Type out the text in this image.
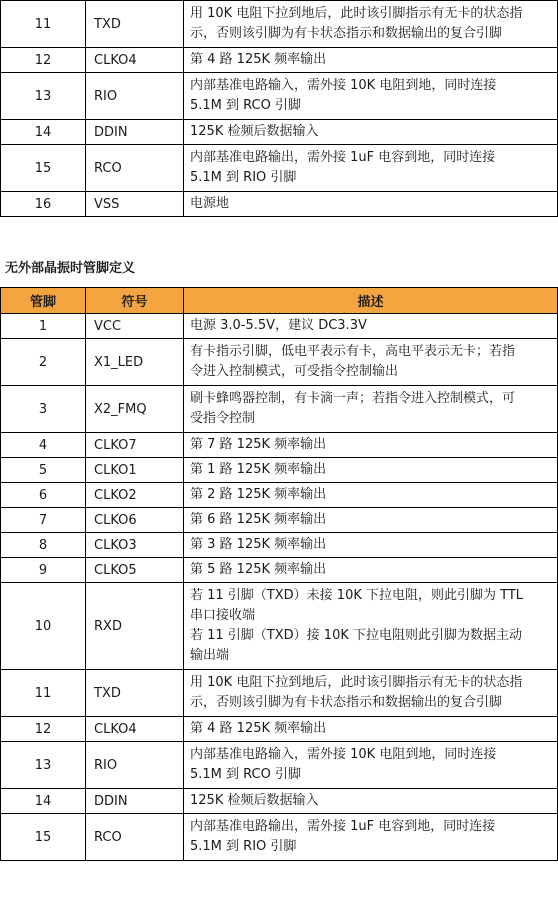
11	TXD	用 10K 电阻下拉到地后，此时该引脚指示有无卡的状态指
示，否则该引脚为有卡状态指示和数据输出的复合引脚

12	CLKO4	第 4 路 125K 频率输出

13	RIO	内部基准电路输入，需外接 10K 电阻到地，同时连接
5.1M 到 RCO 引脚

14	DDIN	125K 检频后数据输入

15	RCO	内部基准电路输出，需外接 1uF 电容到地，同时连接
5.1M 到 RIO 引脚

16	VSS	电源地
无外部晶振时管脚定义
管脚	符号	描述
1	VCC	电源 3.0-5.5V，建议 DC3.3V

2	X1_LED	有卡指示引脚，低电平表示有卡，高电平表示无卡；若指
令进入控制模式，可受指令控制输出

3	X2_FMQ	刷卡蜂鸣器控制，有卡滴一声；若指令进入控制模式，可
受指令控制

4	CLKO7	第 7 路 125K 频率输出

5	CLKO1	第 1 路 125K 频率输出

6	CLKO2	第 2 路 125K 频率输出

7	CLKO6	第 6 路 125K 频率输出

8	CLKO3	第 3 路 125K 频率输出

9	CLKO5	第 5 路 125K 频率输出

10	RXD	若 11 引脚（TXD）未接 10K 下拉电阻，则此引脚为 TTL
串口接收端
若 11 引脚（TXD）接 10K 下拉电阻则此引脚为数据主动
输出端

11	TXD	用 10K 电阻下拉到地后，此时该引脚指示有无卡的状态指
示，否则该引脚为有卡状态指示和数据输出的复合引脚

12	CLKO4	第 4 路 125K 频率输出

13	RIO	内部基准电路输入，需外接 10K 电阻到地，同时连接
5.1M 到 RCO 引脚

14	DDIN	125K 检频后数据输入

15	RCO	内部基准电路输出，需外接 1uF 电容到地，同时连接
5.1M 到 RIO 引脚
